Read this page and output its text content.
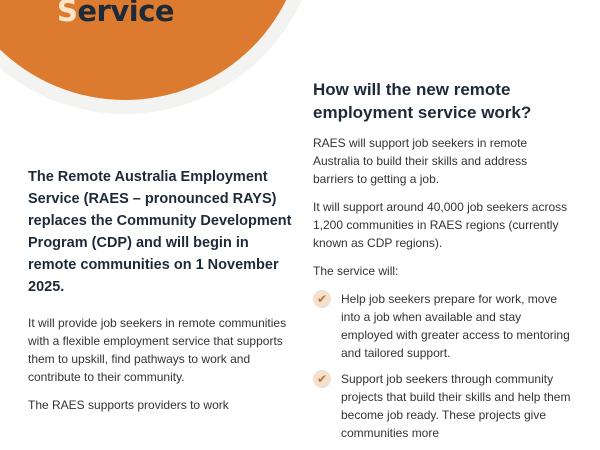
Service

The Remote Australia Employment Service (RAES – pronounced RAYS) replaces the Community Development Program (CDP) and will begin in remote communities on 1 November 2025.

It will provide job seekers in remote communities with a flexible employment service that supports them to upskill, find pathways to work and contribute to their community.

The RAES supports providers to work

How will the new remote employment service work?

RAES will support job seekers in remote Australia to build their skills and address barriers to getting a job.

It will support around 40,000 job seekers across 1,200 communities in RAES regions (currently known as CDP regions).

The service will:

✔	Help job seekers prepare for work, move into a job when available and stay employed with greater access to mentoring and tailored support.
✔	Support job seekers through community projects that build their skills and help them become job ready. These projects give communities more
